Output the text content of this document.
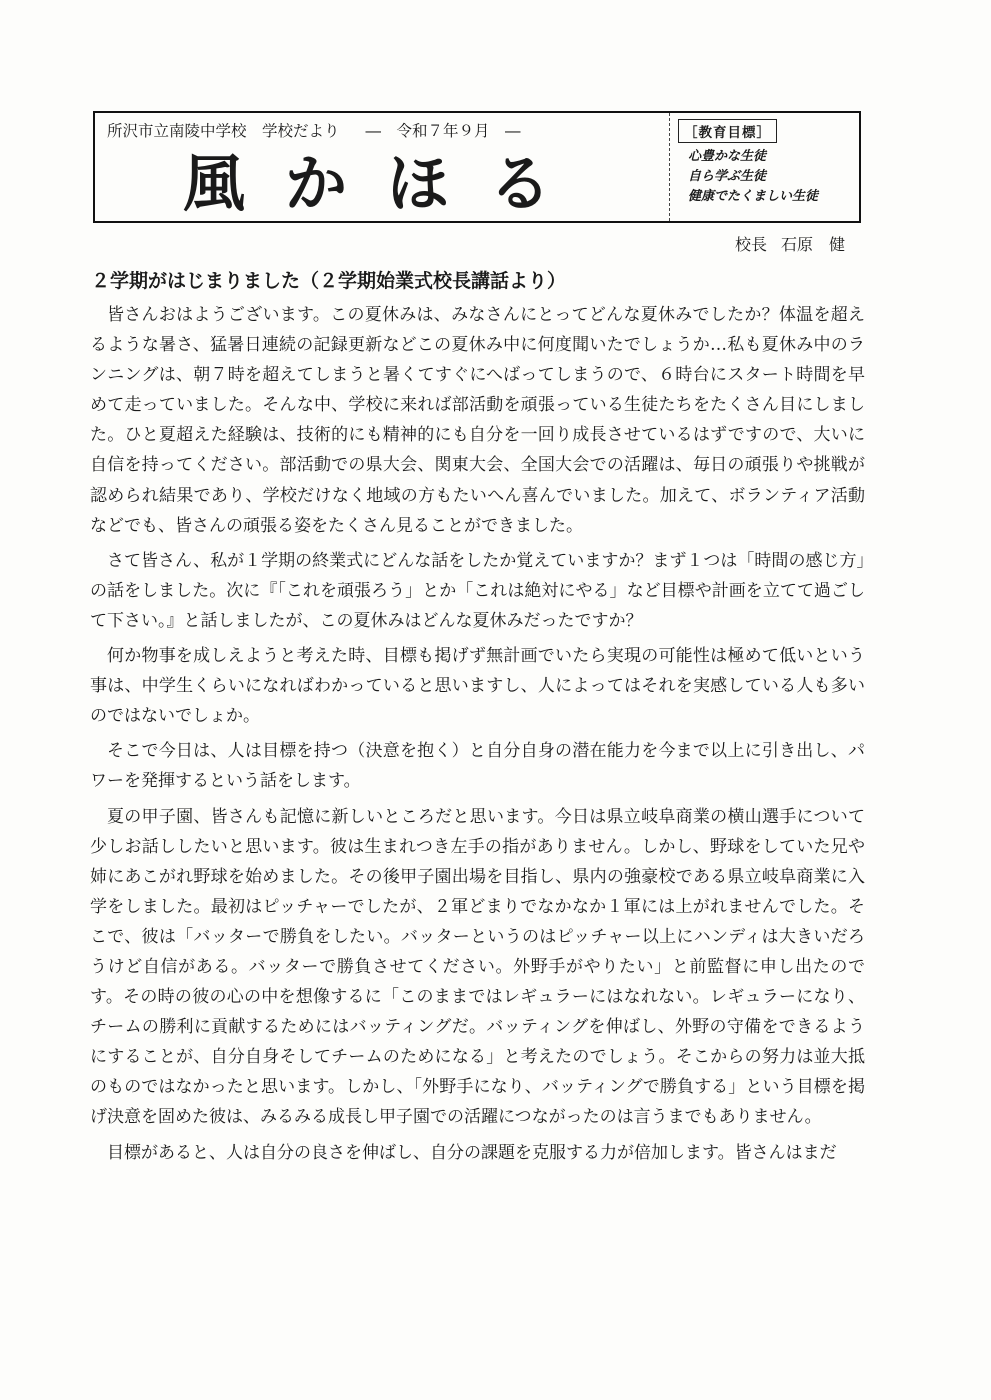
所沢市立南陵中学校　学校だより ―　令和７年９月　―
風かほる
［教育目標］
心豊かな生徒
自ら学ぶ生徒
健康でたくましい生徒
校長 石原　健
２学期がはじまりました（２学期始業式校長講話より）

皆さんおはようございます。この夏休みは、みなさんにとってどんな夏休みでしたか？体温を超えるような暑さ、猛暑日連続の記録更新などこの夏休み中に何度聞いたでしょうか…私も夏休み中のランニングは、朝７時を超えてしまうと暑くてすぐにへばってしまうので、６時台にスタート時間を早めて走っていました。そんな中、学校に来れば部活動を頑張っている生徒たちをたくさん目にしました。ひと夏超えた経験は、技術的にも精神的にも自分を一回り成長させているはずですので、大いに自信を持ってください。部活動での県大会、関東大会、全国大会での活躍は、毎日の頑張りや挑戦が認められ結果であり、学校だけなく地域の方もたいへん喜んでいました。加えて、ボランティア活動などでも、皆さんの頑張る姿をたくさん見ることができました。

さて皆さん、私が１学期の終業式にどんな話をしたか覚えていますか？まず１つは「時間の感じ方」の話をしました。次に『「これを頑張ろう」とか「これは絶対にやる」など目標や計画を立てて過ごして下さい。』と話しましたが、この夏休みはどんな夏休みだったですか？

何か物事を成しえようと考えた時、目標も掲げず無計画でいたら実現の可能性は極めて低いという事は、中学生くらいになればわかっていると思いますし、人によってはそれを実感している人も多いのではないでしょか。

そこで今日は、人は目標を持つ（決意を抱く）と自分自身の潜在能力を今まで以上に引き出し、パワーを発揮するという話をします。

夏の甲子園、皆さんも記憶に新しいところだと思います。今日は県立岐阜商業の横山選手について少しお話ししたいと思います。彼は生まれつき左手の指がありません。しかし、野球をしていた兄や姉にあこがれ野球を始めました。その後甲子園出場を目指し、県内の強豪校である県立岐阜商業に入学をしました。最初はピッチャーでしたが、２軍どまりでなかなか１軍には上がれませんでした。そこで、彼は「バッターで勝負をしたい。バッターというのはピッチャー以上にハンディは大きいだろうけど自信がある。バッターで勝負させてください。外野手がやりたい」と前監督に申し出たのです。その時の彼の心の中を想像するに「このままではレギュラーにはなれない。レギュラーになり、チームの勝利に貢献するためにはバッティングだ。バッティングを伸ばし、外野の守備をできるようにすることが、自分自身そしてチームのためになる」と考えたのでしょう。そこからの努力は並大抵のものではなかったと思います。しかし、「外野手になり、バッティングで勝負する」という目標を掲げ決意を固めた彼は、みるみる成長し甲子園での活躍につながったのは言うまでもありません。

目標があると、人は自分の良さを伸ばし、自分の課題を克服する力が倍加します。皆さんはまだ
